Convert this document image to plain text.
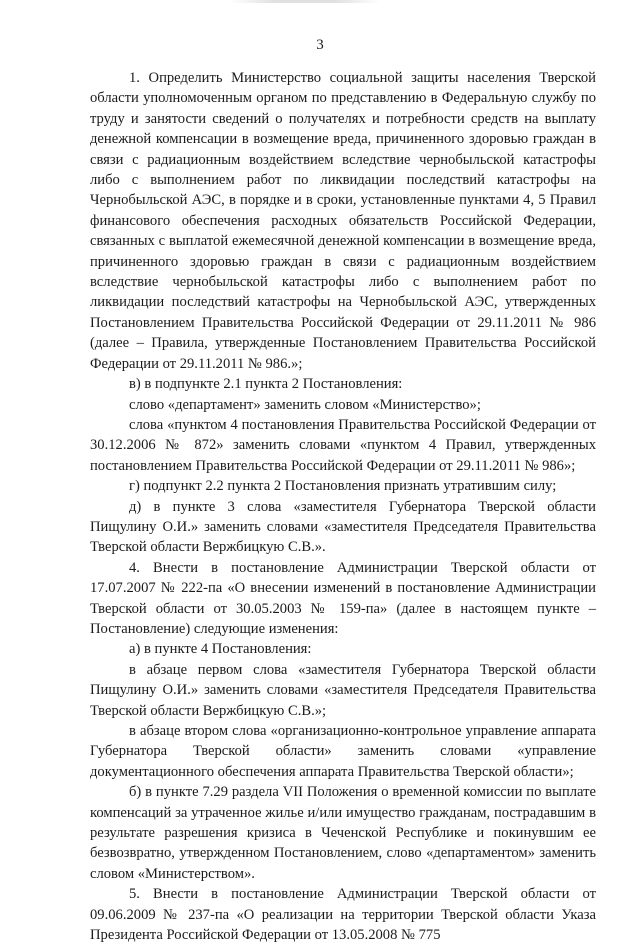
3

1. Определить Министерство социальной защиты населения Тверской области уполномоченным органом по представлению в Федеральную службу по труду и занятости сведений о получателях и потребности средств на выплату денежной компенсации в возмещение вреда, причиненного здоровью граждан в связи с радиационным воздействием вследствие чернобыльской катастрофы либо с выполнением работ по ликвидации последствий катастрофы на Чернобыльской АЭС, в порядке и в сроки, установленные пунктами 4, 5 Правил финансового обеспечения расходных обязательств Российской Федерации, связанных с выплатой ежемесячной денежной компенсации в возмещение вреда, причиненного здоровью граждан в связи с радиационным воздействием вследствие чернобыльской катастрофы либо с выполнением работ по ликвидации последствий катастрофы на Чернобыльской АЭС, утвержденных Постановлением Правительства Российской Федерации от 29.11.2011 № 986 (далее – Правила, утвержденные Постановлением Правительства Российской Федерации от 29.11.2011 № 986.»;

в) в подпункте 2.1 пункта 2 Постановления:

слово «департамент» заменить словом «Министерство»;

слова «пунктом 4 постановления Правительства Российской Федерации от 30.12.2006 № 872» заменить словами «пунктом 4 Правил, утвержденных постановлением Правительства Российской Федерации от 29.11.2011 № 986»;

г) подпункт 2.2 пункта 2 Постановления признать утратившим силу;

д) в пункте 3 слова «заместителя Губернатора Тверской области Пищулину О.И.» заменить словами «заместителя Председателя Правительства Тверской области Вержбицкую С.В.».

4. Внести в постановление Администрации Тверской области от 17.07.2007 № 222-па «О внесении изменений в постановление Администрации Тверской области от 30.05.2003 № 159-па» (далее в настоящем пункте – Постановление) следующие изменения:

а) в пункте 4 Постановления:

в абзаце первом слова «заместителя Губернатора Тверской области Пищулину О.И.» заменить словами «заместителя Председателя Правительства Тверской области Вержбицкую С.В.»;

в абзаце втором слова «организационно-контрольное управление аппарата Губернатора Тверской области» заменить словами «управление документационного обеспечения аппарата Правительства Тверской области»;

б) в пункте 7.29 раздела VII Положения о временной комиссии по выплате компенсаций за утраченное жилье и/или имущество гражданам, пострадавшим в результате разрешения кризиса в Чеченской Республике и покинувшим ее безвозвратно, утвержденном Постановлением, слово «департаментом» заменить словом «Министерством».

5. Внести в постановление Администрации Тверской области от 09.06.2009 № 237-па «О реализации на территории Тверской области Указа Президента Российской Федерации от 13.05.2008 № 775
